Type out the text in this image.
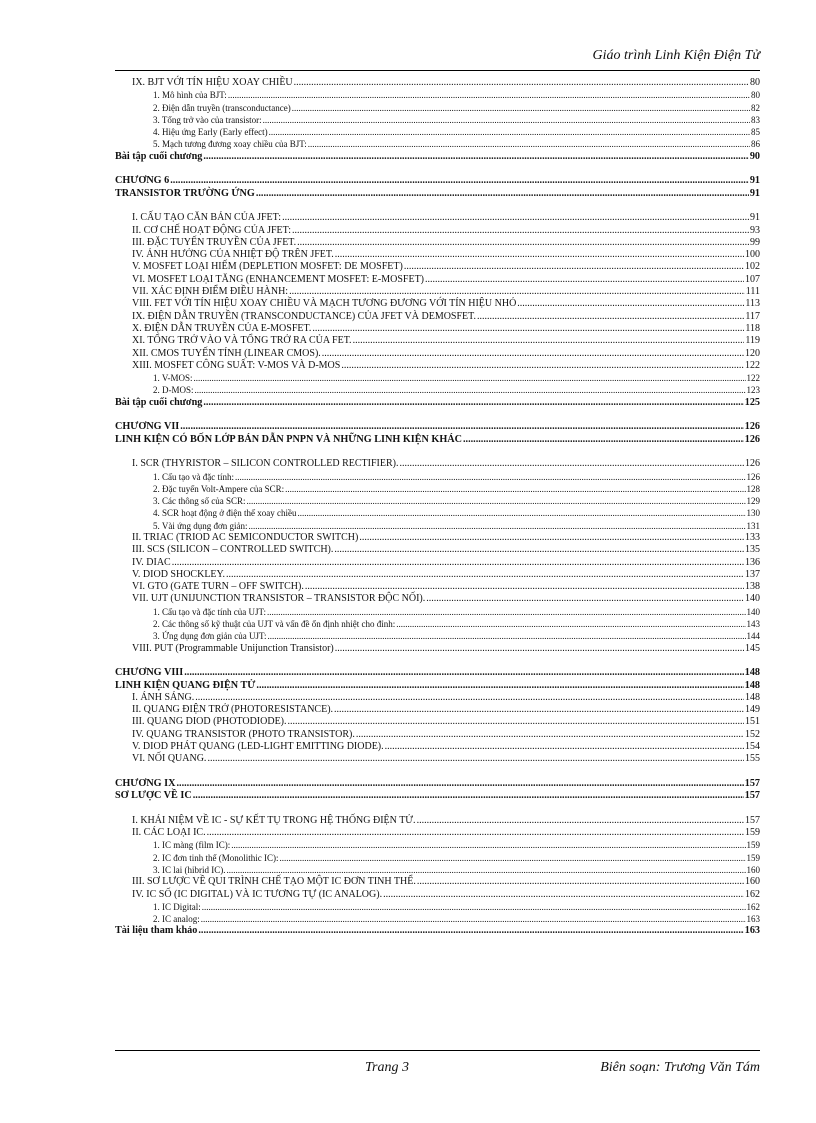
Giáo trình Linh Kiện Điện Tử
IX. BJT VỚI TÍN HIỆU XOAY CHIỀU .....	80
1. Mô hình của BJT: .....	80
2. Điện dẫn truyền (transconductance) .....	82
3. Tổng trở vào của transistor: .....	83
4. Hiệu ứng Early (Early effect) .....	85
5. Mạch tương đương xoay chiều của BJT: .....	86
Bài tập cuối chương .....	90
CHƯƠNG 6 .....	91
TRANSISTOR TRƯỜNG ỨNG .....	91
I. CẤU TẠO CĂN BẢN CỦA JFET: .....	91
II. CƠ CHẾ HOẠT ĐỘNG CỦA JFET: .....	93
III. ĐẶC TUYẾN TRUYỀN CỦA JFET. .....	99
IV. ẢNH HƯỞNG CỦA NHIỆT ĐỘ TRÊN JFET. .....	100
V. MOSFET LOẠI HIẾM (DEPLETION MOSFET: DE MOSFET) .....	102
VI. MOSFET LOẠI TĂNG (ENHANCEMENT MOSFET: E-MOSFET) .....	107
VII. XÁC ĐỊNH ĐIỂM ĐIỀU HÀNH: .....	111
VIII. FET VỚI TÍN HIỆU XOAY CHIỀU VÀ MẠCH TƯƠNG ĐƯƠNG VỚI TÍN HIỆU NHỎ .....	113
IX. ĐIỆN DẪN TRUYỀN (TRANSCONDUCTANCE) CỦA JFET VÀ DEMOSFET. .....	117
X. ĐIỆN DẪN TRUYỀN CỦA E-MOSFET. .....	118
XI. TỔNG TRỞ VÀO VÀ TỔNG TRỞ RA CỦA FET. .....	119
XII. CMOS TUYẾN TÍNH (LINEAR CMOS). .....	120
XIII. MOSFET CÔNG SUẤT: V-MOS VÀ D-MOS .....	122
1. V-MOS: .....	122
2. D-MOS: .....	123
Bài tập cuối chương .....	125
CHƯƠNG VII .....	126
LINH KIỆN CÓ BỐN LỚP BÁN DẪN PNPN VÀ NHỮNG LINH KIỆN KHÁC .....	126
I. SCR (THYRISTOR – SILICON CONTROLLED RECTIFIER). .....	126
1. Cấu tạo và đặc tính: .....	126
2. Đặc tuyến Volt-Ampere của SCR: .....	128
3. Các thông số của SCR: .....	129
4. SCR hoạt động ở điện thế xoay chiều .....	130
5. Vài ứng dụng đơn giản: .....	131
II. TRIAC (TRIOD AC SEMICONDUCTOR SWITCH) .....	133
III. SCS (SILICON – CONTROLLED SWITCH). .....	135
IV. DIAC .....	136
V. DIOD SHOCKLEY. .....	137
VI. GTO (GATE TURN – OFF SWITCH). .....	138
VII. UJT (UNIJUNCTION TRANSISTOR – TRANSISTOR ĐỘC NỐI). .....	140
1. Cấu tạo và đặc tính của UJT: .....	140
2. Các thông số kỹ thuật của UJT và vấn đề ổn định nhiệt cho đỉnh: .....	143
3. Ứng dụng đơn giản của UJT: .....	144
VIII. PUT (Programmable Unijunction Transistor) .....	145
CHƯƠNG VIII .....	148
LINH KIỆN QUANG ĐIỆN TỬ .....	148
I. ÁNH SÁNG. .....	148
II. QUANG ĐIỆN TRỞ (PHOTORESISTANCE). .....	149
III. QUANG DIOD (PHOTODIODE). .....	151
IV. QUANG TRANSISTOR (PHOTO TRANSISTOR). .....	152
V. DIOD PHÁT QUANG (LED-LIGHT EMITTING DIODE). .....	154
VI. NỐI QUANG. .....	155
CHƯƠNG IX .....	157
SƠ LƯỢC VỀ IC .....	157
I. KHÁI NIỆM VỀ IC - SỰ KẾT TỤ TRONG HỆ THỐNG ĐIỆN TỬ. .....	157
II. CÁC LOẠI IC. .....	159
1. IC màng (film IC): .....	159
2. IC đơn tinh thể (Monolithic IC): .....	159
3. IC lai (hibrid IC). .....	160
III. SƠ LƯỢC VỀ QUI TRÌNH CHẾ TẠO MỘT IC ĐƠN TINH THỂ. .....	160
IV. IC SỐ (IC DIGITAL) VÀ IC TƯƠNG TỰ (IC ANALOG). .....	162
1. IC Digital: .....	162
2. IC analog: .....	163
Tài liệu tham khảo .....	163
Trang 3	Biên soạn: Trương Văn Tám
